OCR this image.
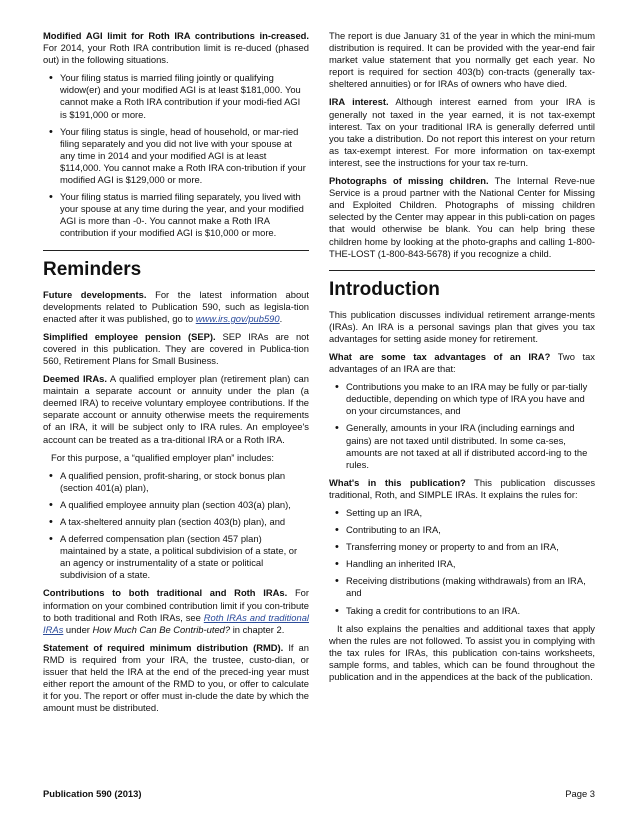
Modified AGI limit for Roth IRA contributions in-creased. For 2014, your Roth IRA contribution limit is re-duced (phased out) in the following situations.

• Your filing status is married filing jointly or qualifying widow(er) and your modified AGI is at least $181,000. You cannot make a Roth IRA contribution if your modi-fied AGI is $191,000 or more.
• Your filing status is single, head of household, or mar-ried filing separately and you did not live with your spouse at any time in 2014 and your modified AGI is at least $114,000. You cannot make a Roth IRA con-tribution if your modified AGI is $129,000 or more.
• Your filing status is married filing separately, you lived with your spouse at any time during the year, and your modified AGI is more than -0-. You cannot make a Roth IRA contribution if your modified AGI is $10,000 or more.
Reminders

Future developments. For the latest information about developments related to Publication 590, such as legisla-tion enacted after it was published, go to www.irs.gov/pub590.

Simplified employee pension (SEP). SEP IRAs are not covered in this publication. They are covered in Publica-tion 560, Retirement Plans for Small Business.

Deemed IRAs. A qualified employer plan (retirement plan) can maintain a separate account or annuity under the plan (a deemed IRA) to receive voluntary employee contributions. If the separate account or annuity otherwise meets the requirements of an IRA, it will be subject only to IRA rules. An employee's account can be treated as a tra-ditional IRA or a Roth IRA.

For this purpose, a “qualified employer plan” includes:

• A qualified pension, profit-sharing, or stock bonus plan (section 401(a) plan),
• A qualified employee annuity plan (section 403(a) plan),
• A tax-sheltered annuity plan (section 403(b) plan), and
• A deferred compensation plan (section 457 plan) maintained by a state, a political subdivision of a state, or an agency or instrumentality of a state or political subdivision of a state.

Contributions to both traditional and Roth IRAs. For information on your combined contribution limit if you con-tribute to both traditional and Roth IRAs, see Roth IRAs and traditional IRAs under How Much Can Be Contrib-uted? in chapter 2.

Statement of required minimum distribution (RMD). If an RMD is required from your IRA, the trustee, custo-dian, or issuer that held the IRA at the end of the preced-ing year must either report the amount of the RMD to you, or offer to calculate it for you. The report or offer must in-clude the date by which the amount must be distributed.

The report is due January 31 of the year in which the mini-mum distribution is required. It can be provided with the year-end fair market value statement that you normally get each year. No report is required for section 403(b) con-tracts (generally tax-sheltered annuities) or for IRAs of owners who have died.

IRA interest. Although interest earned from your IRA is generally not taxed in the year earned, it is not tax-exempt interest. Tax on your traditional IRA is generally deferred until you take a distribution. Do not report this interest on your return as tax-exempt interest. For more information on tax-exempt interest, see the instructions for your tax re-turn.

Photographs of missing children. The Internal Reve-nue Service is a proud partner with the National Center for Missing and Exploited Children. Photographs of missing children selected by the Center may appear in this publi-cation on pages that would otherwise be blank. You can help bring these children home by looking at the photo-graphs and calling 1-800-THE-LOST (1-800-843-5678) if you recognize a child.

Introduction

This publication discusses individual retirement arrange-ments (IRAs). An IRA is a personal savings plan that gives you tax advantages for setting aside money for retirement.

What are some tax advantages of an IRA? Two tax advantages of an IRA are that:

• Contributions you make to an IRA may be fully or par-tially deductible, depending on which type of IRA you have and on your circumstances, and
• Generally, amounts in your IRA (including earnings and gains) are not taxed until distributed. In some ca-ses, amounts are not taxed at all if distributed accord-ing to the rules.

What's in this publication? This publication discusses traditional, Roth, and SIMPLE IRAs. It explains the rules for:

• Setting up an IRA,
• Contributing to an IRA,
• Transferring money or property to and from an IRA,
• Handling an inherited IRA,
• Receiving distributions (making withdrawals) from an IRA, and
• Taking a credit for contributions to an IRA.

It also explains the penalties and additional taxes that apply when the rules are not followed. To assist you in complying with the tax rules for IRAs, this publication con-tains worksheets, sample forms, and tables, which can be found throughout the publication and in the appendices at the back of the publication.

Publication 590 (2013)	Page 3
